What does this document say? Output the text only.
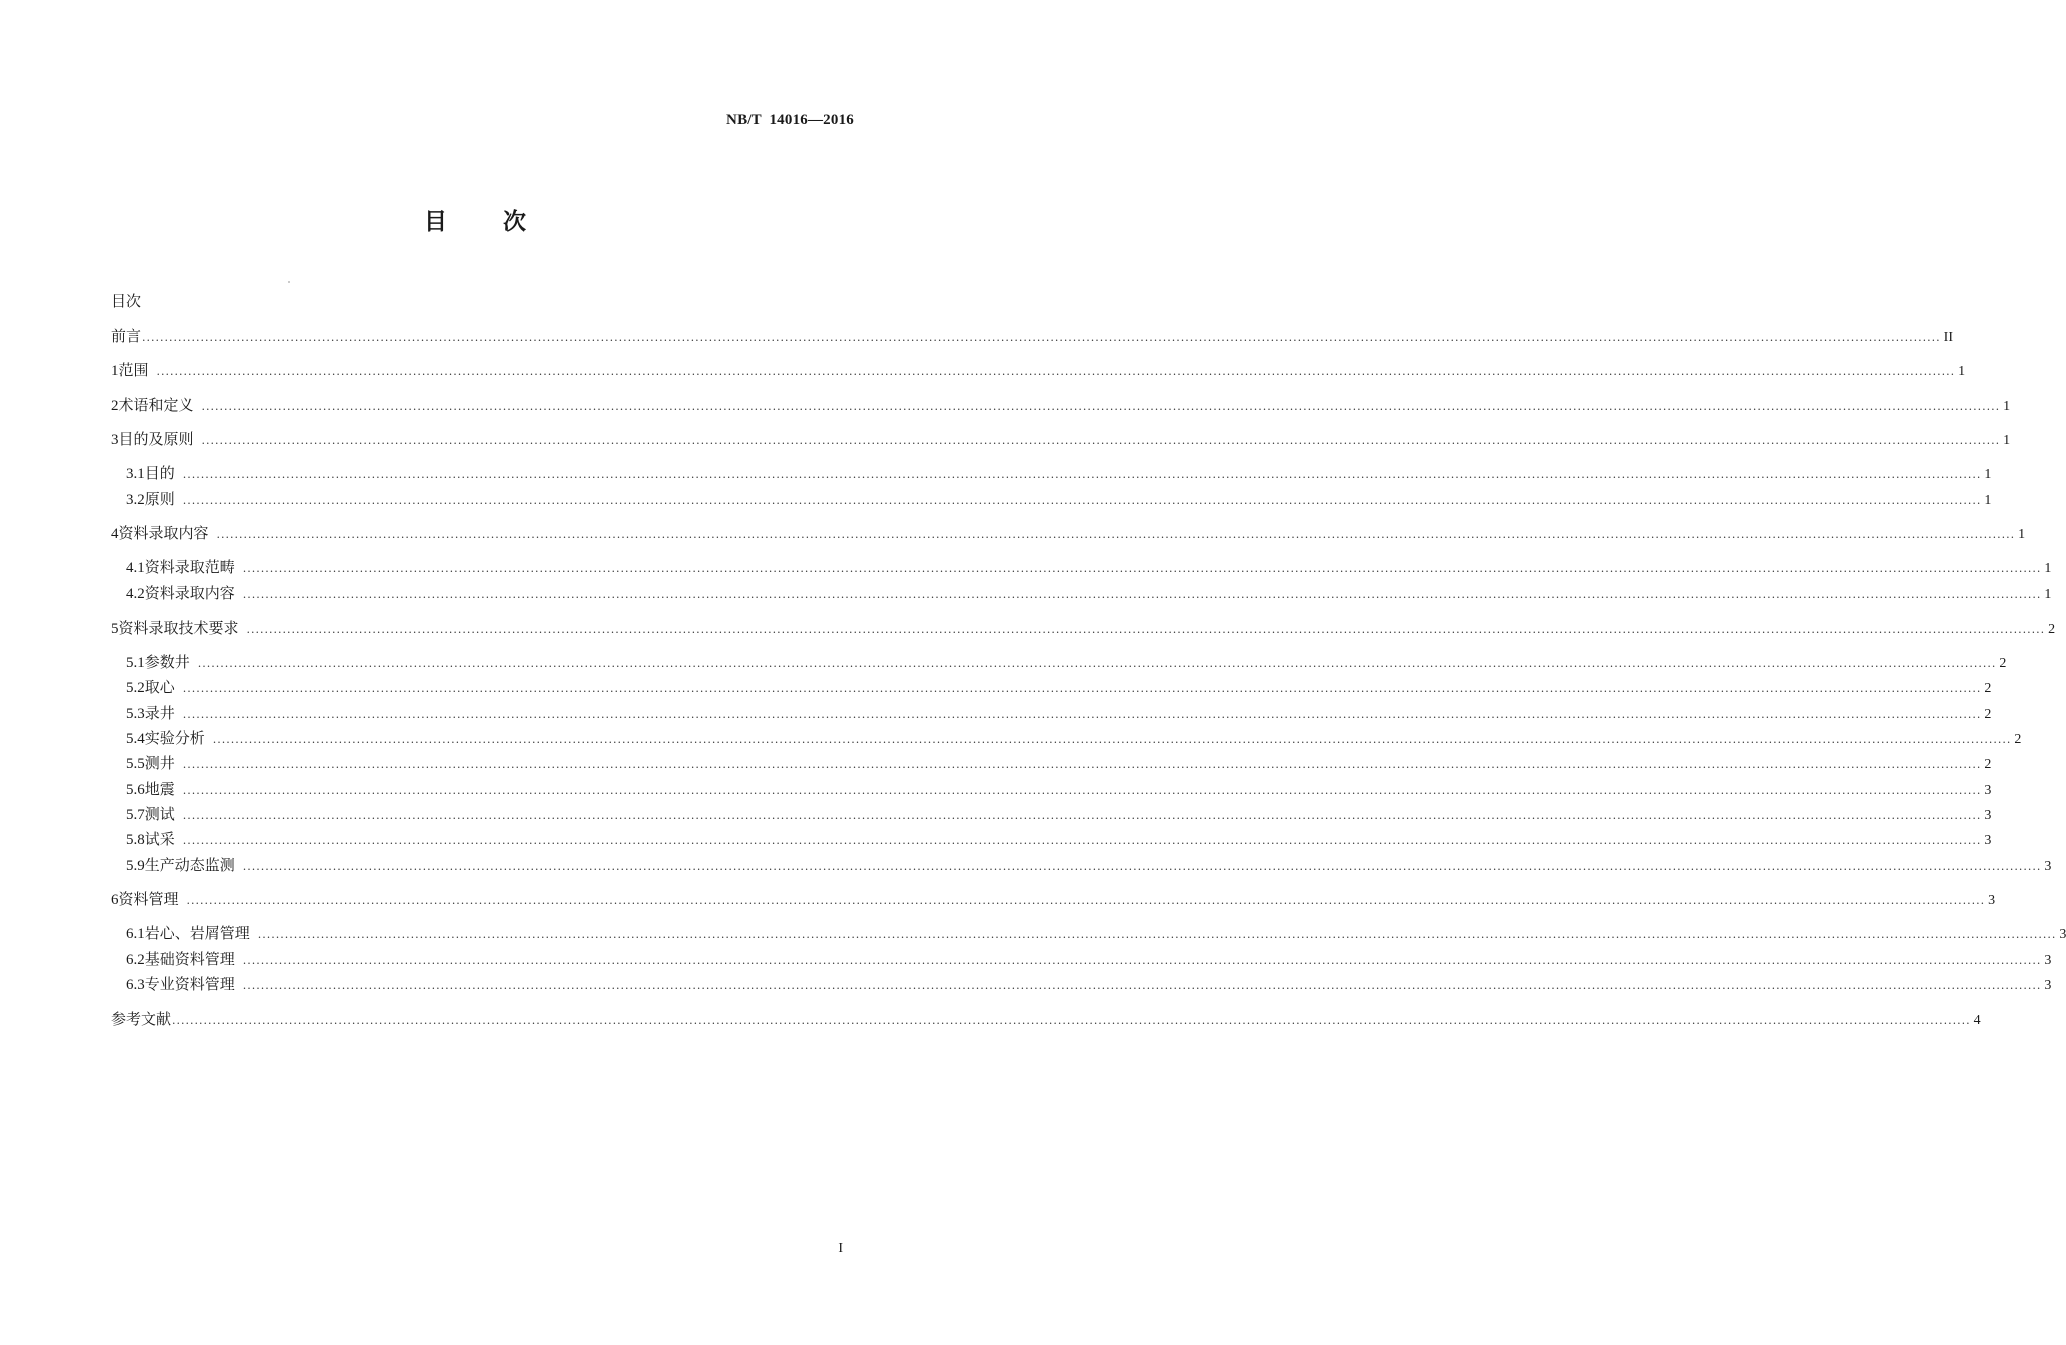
NB/T  14016—2016
目 次
目次
前言 ................................................................................................................................................................................................................................................................................................................................................................................................................ II
1 范围 ................................................................................................................................................................................................................................................................................................................................................................................................................ 1
2 术语和定义 ................................................................................................................................................................................................................................................................................................................................................................................................................ 1
3 目的及原则 ................................................................................................................................................................................................................................................................................................................................................................................................................ 1
3.1 目的 ................................................................................................................................................................................................................................................................................................................................................................................................................ 1
3.2 原则 ................................................................................................................................................................................................................................................................................................................................................................................................................ 1
4 资料录取内容 ................................................................................................................................................................................................................................................................................................................................................................................................................ 1
4.1 资料录取范畴 ................................................................................................................................................................................................................................................................................................................................................................................................................ 1
4.2 资料录取内容 ................................................................................................................................................................................................................................................................................................................................................................................................................ 1
5 资料录取技术要求 ................................................................................................................................................................................................................................................................................................................................................................................................................ 2
5.1 参数井 ................................................................................................................................................................................................................................................................................................................................................................................................................ 2
5.2 取心 ................................................................................................................................................................................................................................................................................................................................................................................................................ 2
5.3 录井 ................................................................................................................................................................................................................................................................................................................................................................................................................ 2
5.4 实验分析 ................................................................................................................................................................................................................................................................................................................................................................................................................ 2
5.5 测井 ................................................................................................................................................................................................................................................................................................................................................................................................................ 2
5.6 地震 ................................................................................................................................................................................................................................................................................................................................................................................................................ 3
5.7 测试 ................................................................................................................................................................................................................................................................................................................................................................................................................ 3
5.8 试采 ................................................................................................................................................................................................................................................................................................................................................................................................................ 3
5.9 生产动态监测 ................................................................................................................................................................................................................................................................................................................................................................................................................ 3
6 资料管理 ................................................................................................................................................................................................................................................................................................................................................................................................................ 3
6.1 岩心、岩屑管理 ................................................................................................................................................................................................................................................................................................................................................................................................................ 3
6.2 基础资料管理 ................................................................................................................................................................................................................................................................................................................................................................................................................ 3
6.3 专业资料管理 ................................................................................................................................................................................................................................................................................................................................................................................................................ 3
参考文献 ................................................................................................................................................................................................................................................................................................................................................................................................................ 4
I
